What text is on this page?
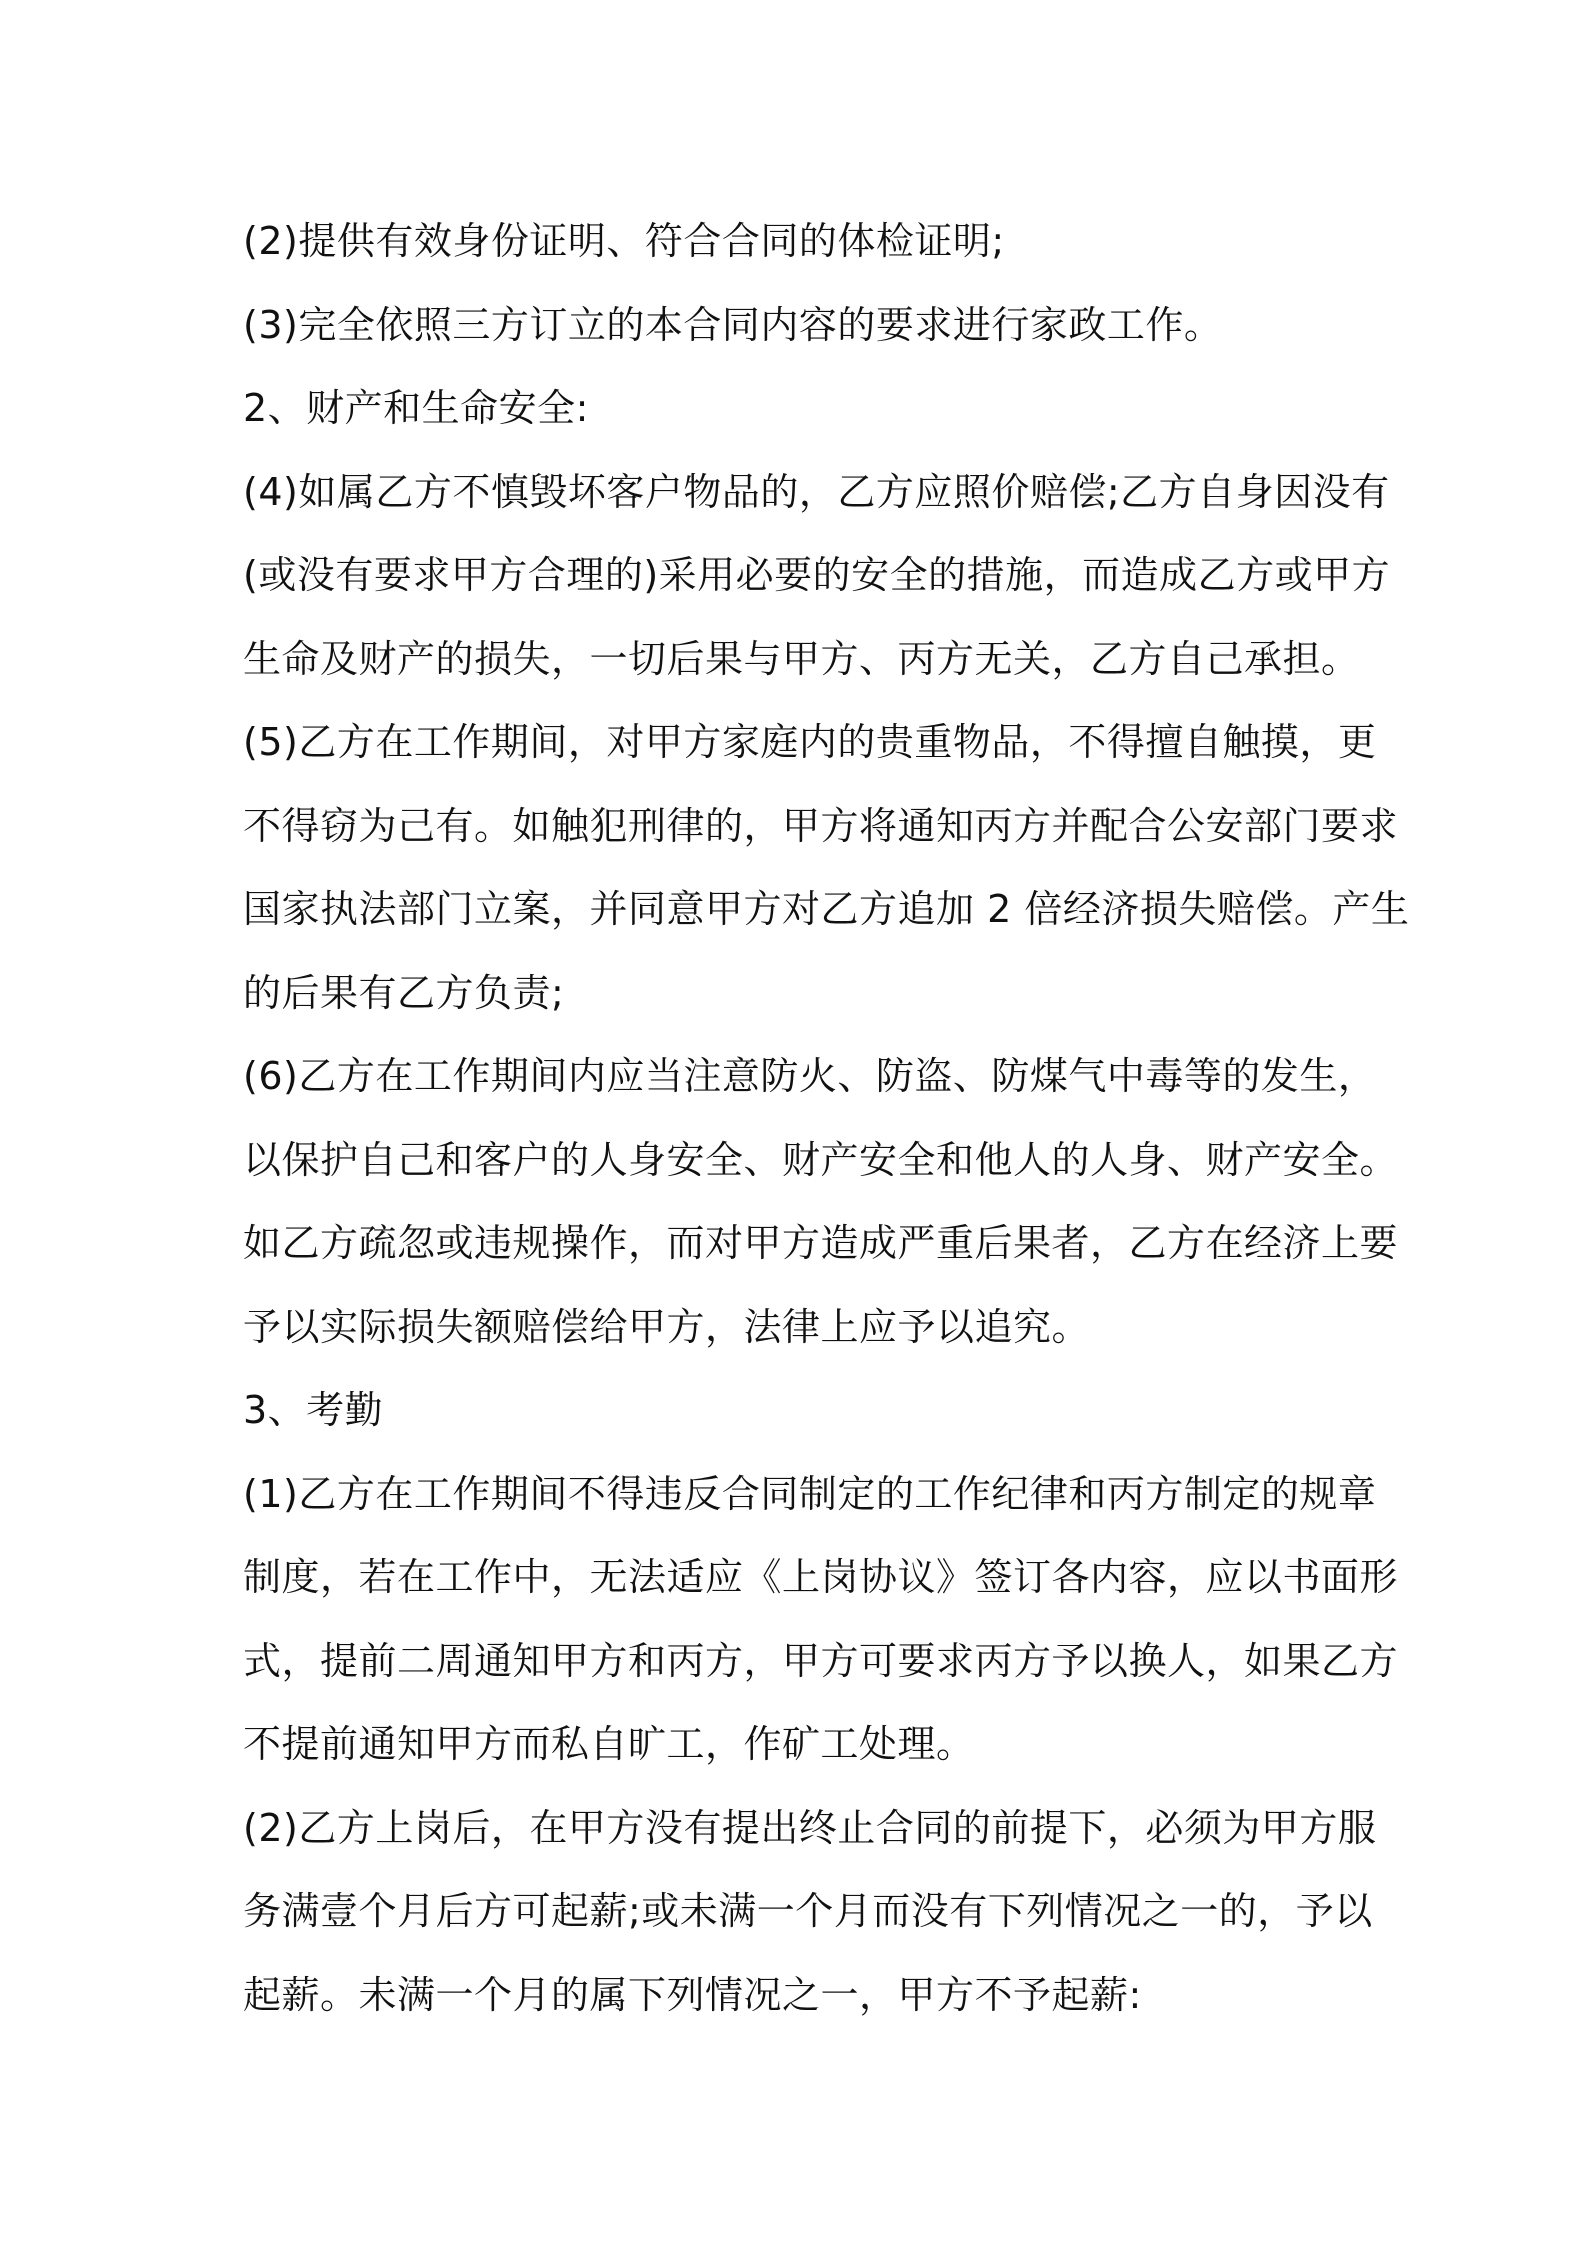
(2)提供有效身份证明、符合合同的体检证明;
(3)完全依照三方订立的本合同内容的要求进行家政工作。
2、财产和生命安全:
(4)如属乙方不慎毁坏客户物品的，乙方应照价赔偿;乙方自身因没有
(或没有要求甲方合理的)采用必要的安全的措施，而造成乙方或甲方
生命及财产的损失，一切后果与甲方、丙方无关，乙方自己承担。
(5)乙方在工作期间，对甲方家庭内的贵重物品，不得擅自触摸，更
不得窃为己有。如触犯刑律的，甲方将通知丙方并配合公安部门要求
国家执法部门立案，并同意甲方对乙方追加 2 倍经济损失赔偿。产生
的后果有乙方负责;
(6)乙方在工作期间内应当注意防火、防盗、防煤气中毒等的发生，
以保护自己和客户的人身安全、财产安全和他人的人身、财产安全。
如乙方疏忽或违规操作，而对甲方造成严重后果者，乙方在经济上要
予以实际损失额赔偿给甲方，法律上应予以追究。
3、考勤
(1)乙方在工作期间不得违反合同制定的工作纪律和丙方制定的规章
制度，若在工作中，无法适应《上岗协议》签订各内容，应以书面形
式，提前二周通知甲方和丙方，甲方可要求丙方予以换人，如果乙方
不提前通知甲方而私自旷工，作矿工处理。
(2)乙方上岗后，在甲方没有提出终止合同的前提下，必须为甲方服
务满壹个月后方可起薪;或未满一个月而没有下列情况之一的，予以
起薪。未满一个月的属下列情况之一，甲方不予起薪:
